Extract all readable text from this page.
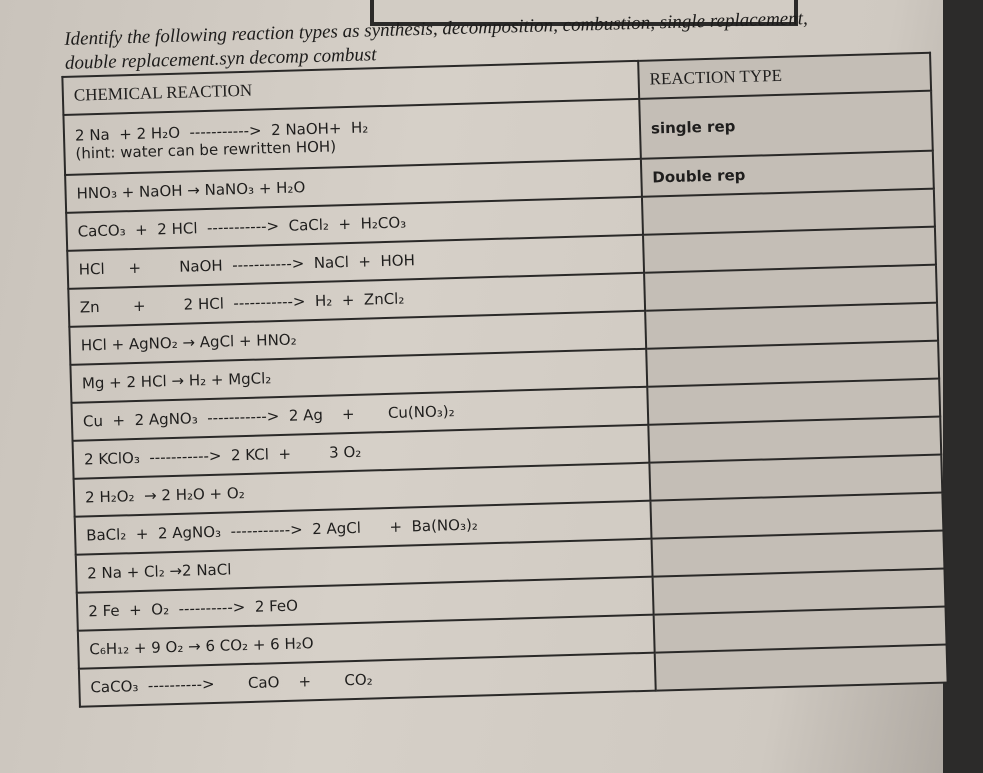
Identify the following reaction types as synthesis, decomposition, combustion, single replacement,
double replacement.syn decomp combust
CHEMICAL REACTION	REACTION TYPE
2 Na  + 2 H₂O  ----------->  2 NaOH+  H₂
(hint: water can be rewritten HOH)	single rep
HNO₃ + NaOH → NaNO₃ + H₂O	Double rep
CaCO₃  +  2 HCl  ----------->  CaCl₂  +  H₂CO₃	
HCl     +        NaOH  ----------->  NaCl  +  HOH	
Zn       +        2 HCl  ----------->  H₂  +  ZnCl₂	
HCl + AgNO₂ → AgCl + HNO₂	
Mg + 2 HCl → H₂ + MgCl₂	
Cu  +  2 AgNO₃  ----------->  2 Ag    +       Cu(NO₃)₂	
2 KClO₃  ----------->  2 KCl  +        3 O₂	
2 H₂O₂  → 2 H₂O + O₂	
BaCl₂  +  2 AgNO₃  ----------->  2 AgCl      +  Ba(NO₃)₂	
2 Na + Cl₂ →2 NaCl	
2 Fe  +  O₂  ---------->  2 FeO	
C₆H₁₂ + 9 O₂ → 6 CO₂ + 6 H₂O	
CaCO₃  ---------->       CaO    +       CO₂	
